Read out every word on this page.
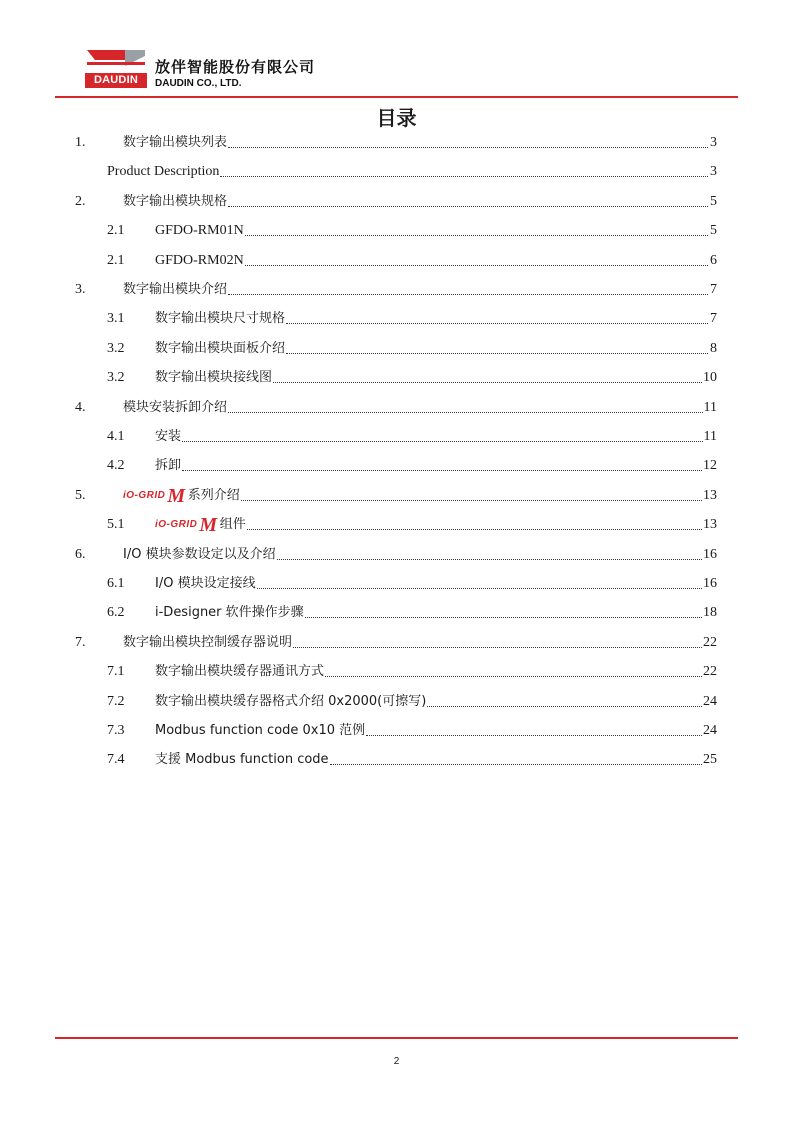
DAUDIN
放伴智能股份有限公司
DAUDIN CO., LTD.
目录
1.	数字输出模块列表	3
Product Description	3
2.	数字输出模块规格	5
2.1	GFDO-RM01N	5
2.1	GFDO-RM02N	6
3.	数字输出模块介绍	7
3.1	数字输出模块尺寸规格	7
3.2	数字输出模块面板介绍	8
3.2	数字输出模块接线图	10
4.	模块安装拆卸介绍	11
4.1	安装	11
4.2	拆卸	12
5.	iO-GRID M 系列介绍	13
5.1	iO-GRID M 组件	13
6.	I/O 模块参数设定以及介绍	16
6.1	I/O 模块设定接线	16
6.2	i-Designer 软件操作步骤	18
7.	数字输出模块控制缓存器说明	22
7.1	数字输出模块缓存器通讯方式	22
7.2	数字输出模块缓存器格式介绍 0x2000(可擦写)	24
7.3	Modbus function code 0x10 范例	24
7.4	支援 Modbus function code	25
2
